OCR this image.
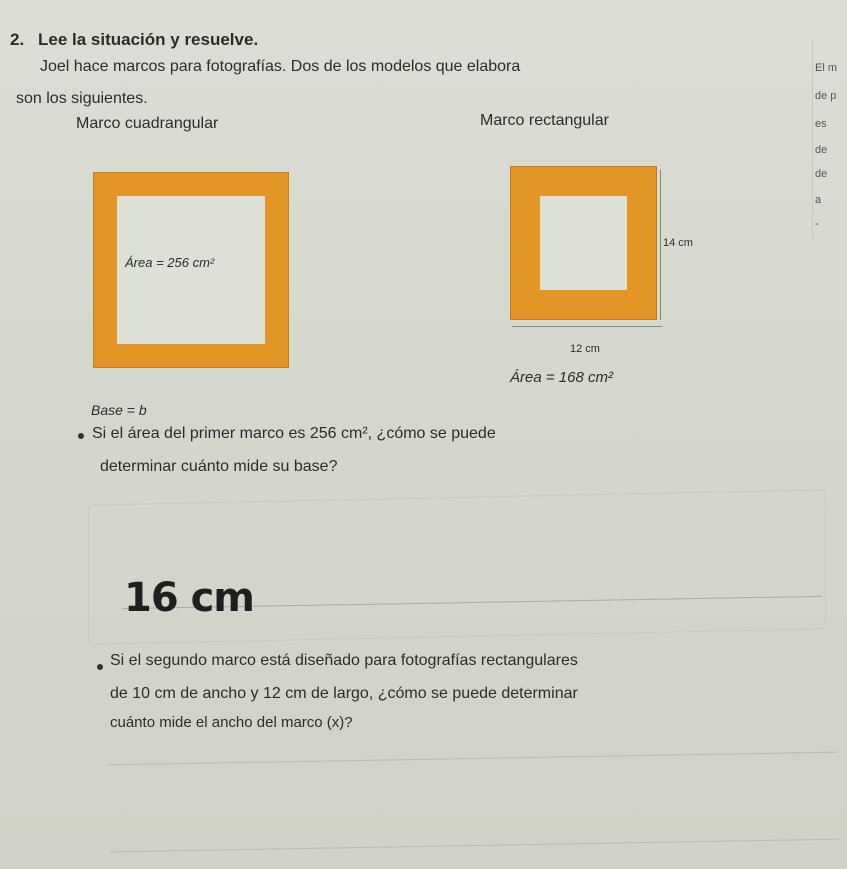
2. Lee la situación y resuelve.
Joel hace marcos para fotografías. Dos de los modelos que elabora
son los siguientes.
El m
de p
es
de
de
a
-
Marco cuadrangular
Área = 256 cm²
Marco rectangular
14 cm
12 cm
Área = 168 cm²
Base = b
Si el área del primer marco es 256 cm², ¿cómo se puede
determinar cuánto mide su base?
16 cm
Si el segundo marco está diseñado para fotografías rectangulares
de 10 cm de ancho y 12 cm de largo, ¿cómo se puede determinar
cuánto mide el ancho del marco (x)?
